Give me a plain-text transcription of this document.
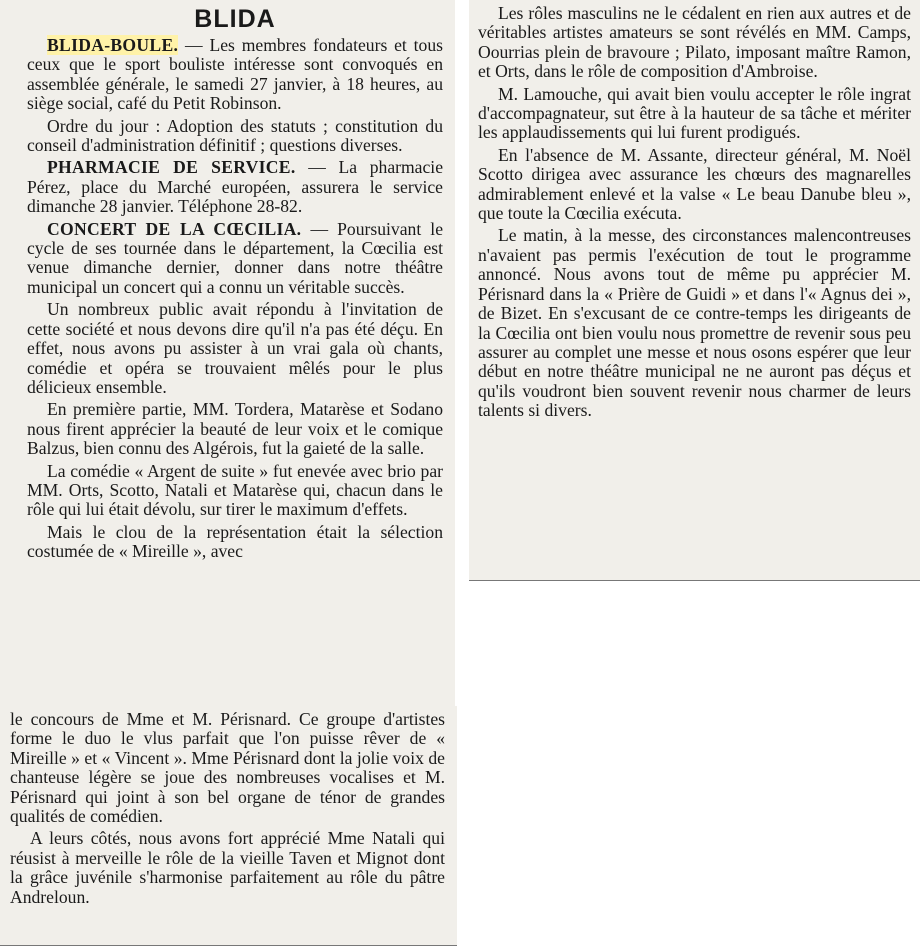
BLIDA

BLIDA-BOULE. — Les membres fondateurs et tous ceux que le sport bouliste intéresse sont convoqués en assemblée générale, le samedi 27 janvier, à 18 heures, au siège social, café du Petit Robinson.

Ordre du jour : Adoption des statuts ; constitution du conseil d'administration définitif ; questions diverses.

PHARMACIE DE SERVICE. — La pharmacie Pérez, place du Marché européen, assurera le service dimanche 28 janvier. Téléphone 28-82.

CONCERT DE LA CŒCILIA. — Poursuivant le cycle de ses tournée dans le département, la Cœcilia est venue dimanche dernier, donner dans notre théâtre municipal un concert qui a connu un véritable succès.

Un nombreux public avait répondu à l'invitation de cette société et nous devons dire qu'il n'a pas été déçu. En effet, nous avons pu assister à un vrai gala où chants, comédie et opéra se trouvaient mêlés pour le plus délicieux ensemble.

En première partie, MM. Tordera, Matarèse et Sodano nous firent apprécier la beauté de leur voix et le comique Balzus, bien connu des Algérois, fut la gaieté de la salle.

La comédie « Argent de suite » fut enevée avec brio par MM. Orts, Scotto, Natali et Matarèse qui, chacun dans le rôle qui lui était dévolu, sur tirer le maximum d'effets.

Mais le clou de la représentation était la sélection costumée de « Mireille », avec

le concours de Mme et M. Périsnard. Ce groupe d'artistes forme le duo le vlus parfait que l'on puisse rêver de « Mireille » et « Vincent ». Mme Périsnard dont la jolie voix de chanteuse légère se joue des nombreuses vocalises et M. Périsnard qui joint à son bel organe de ténor de grandes qualités de comédien.

A leurs côtés, nous avons fort apprécié Mme Natali qui réusist à merveille le rôle de la vieille Taven et Mignot dont la grâce juvénile s'harmonise parfaitement au rôle du pâtre Andreloun.

Les rôles masculins ne le cédalent en rien aux autres et de véritables artistes amateurs se sont révélés en MM. Camps, Oourrias plein de bravoure ; Pilato, imposant maître Ramon, et Orts, dans le rôle de composition d'Ambroise.

M. Lamouche, qui avait bien voulu accepter le rôle ingrat d'accompagnateur, sut être à la hauteur de sa tâche et mériter les applaudissements qui lui furent prodigués.

En l'absence de M. Assante, directeur général, M. Noël Scotto dirigea avec assurance les chœurs des magnarelles admirablement enlevé et la valse « Le beau Danube bleu », que toute la Cœcilia exécuta.

Le matin, à la messe, des circonstances malencontreuses n'avaient pas permis l'exécution de tout le programme annoncé. Nous avons tout de même pu apprécier M. Périsnard dans la « Prière de Guidi » et dans l'« Agnus dei », de Bizet. En s'excusant de ce contre-temps les dirigeants de la Cœcilia ont bien voulu nous promettre de revenir sous peu assurer au complet une messe et nous osons espérer que leur début en notre théâtre municipal ne ne auront pas déçus et qu'ils voudront bien souvent revenir nous charmer de leurs talents si divers.
